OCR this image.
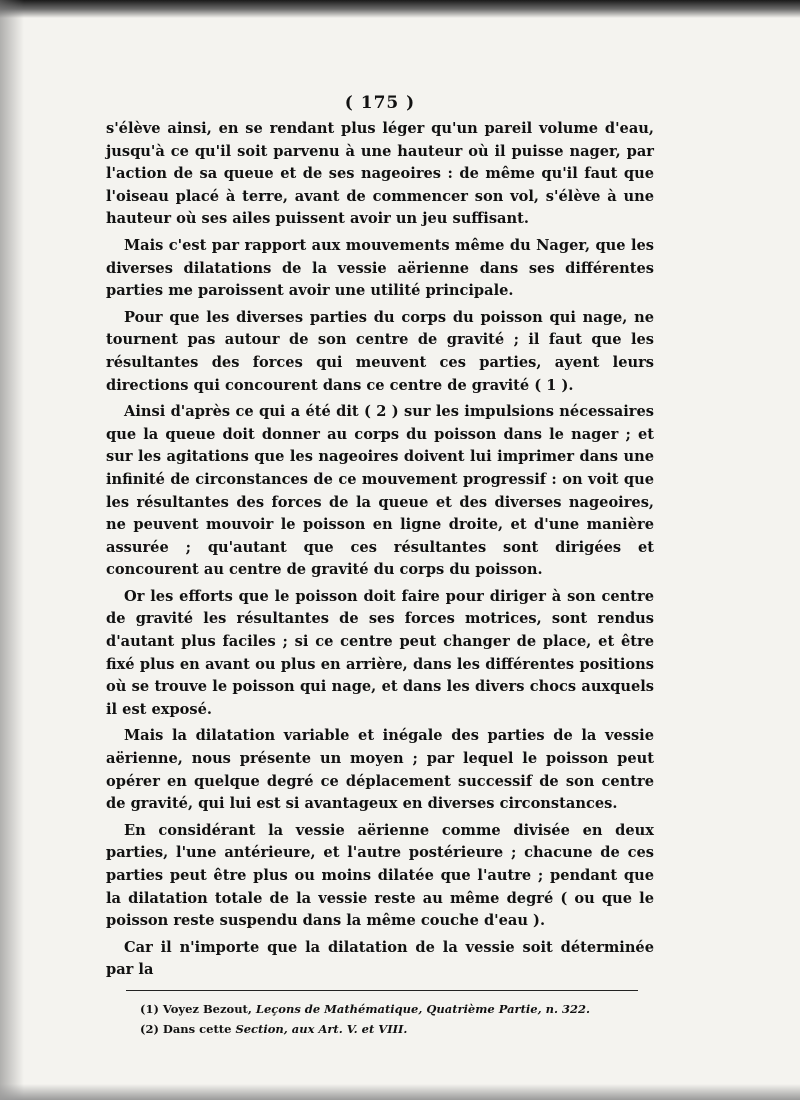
( 175 )

s'élève ainsi, en se rendant plus léger qu'un pareil volume d'eau, jusqu'à ce qu'il soit parvenu à une hauteur où il puisse nager, par l'action de sa queue et de ses nageoires : de même qu'il faut que l'oiseau placé à terre, avant de commencer son vol, s'élève à une hauteur où ses ailes puissent avoir un jeu suffisant.

Mais c'est par rapport aux mouvements même du Nager, que les diverses dilatations de la vessie aërienne dans ses différentes parties me paroissent avoir une utilité principale.

Pour que les diverses parties du corps du poisson qui nage, ne tournent pas autour de son centre de gravité ; il faut que les résultantes des forces qui meuvent ces parties, ayent leurs directions qui concourent dans ce centre de gravité ( 1 ).

Ainsi d'après ce qui a été dit ( 2 ) sur les impulsions nécessaires que la queue doit donner au corps du poisson dans le nager ; et sur les agitations que les nageoires doivent lui imprimer dans une infinité de circonstances de ce mouvement progressif : on voit que les résultantes des forces de la queue et des diverses nageoires, ne peuvent mouvoir le poisson en ligne droite, et d'une manière assurée ; qu'autant que ces résultantes sont dirigées et concourent au centre de gravité du corps du poisson.

Or les efforts que le poisson doit faire pour diriger à son centre de gravité les résultantes de ses forces motrices, sont rendus d'autant plus faciles ; si ce centre peut changer de place, et être fixé plus en avant ou plus en arrière, dans les différentes positions où se trouve le poisson qui nage, et dans les divers chocs auxquels il est exposé.

Mais la dilatation variable et inégale des parties de la vessie aërienne, nous présente un moyen ; par lequel le poisson peut opérer en quelque degré ce déplacement successif de son centre de gravité, qui lui est si avantageux en diverses circonstances.

En considérant la vessie aërienne comme divisée en deux parties, l'une antérieure, et l'autre postérieure ; chacune de ces parties peut être plus ou moins dilatée que l'autre ; pendant que la dilatation totale de la vessie reste au même degré ( ou que le poisson reste suspendu dans la même couche d'eau ).

Car il n'importe que la dilatation de la vessie soit déterminée par la

(1) Voyez Bezout, Leçons de Mathématique, Quatrième Partie, n. 322.

(2) Dans cette Section, aux Art. V. et VIII.
